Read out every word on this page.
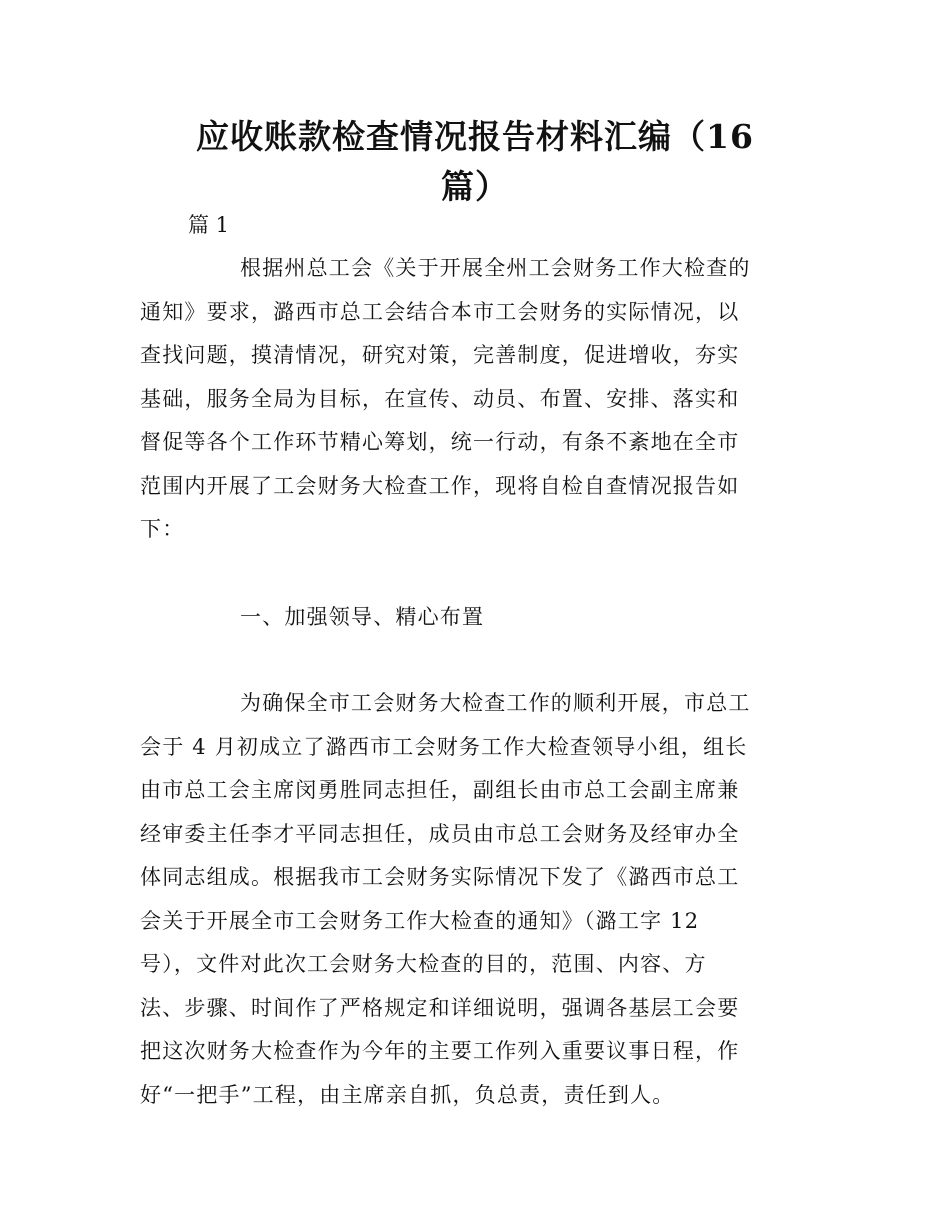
应收账款检查情况报告材料汇编（16
篇）
篇 1
根据州总工会《关于开展全州工会财务工作大检查的
通知》要求，潞西市总工会结合本市工会财务的实际情况，以
查找问题，摸清情况，研究对策，完善制度，促进增收，夯实
基础，服务全局为目标，在宣传、动员、布置、安排、落实和
督促等各个工作环节精心筹划，统一行动，有条不紊地在全市
范围内开展了工会财务大检查工作，现将自检自查情况报告如
下：
一、加强领导、精心布置
为确保全市工会财务大检查工作的顺利开展，市总工
会于 4 月初成立了潞西市工会财务工作大检查领导小组，组长
由市总工会主席闵勇胜同志担任，副组长由市总工会副主席兼
经审委主任李才平同志担任，成员由市总工会财务及经审办全
体同志组成。根据我市工会财务实际情况下发了《潞西市总工
会关于开展全市工会财务工作大检查的通知》（潞工字 12
号），文件对此次工会财务大检查的目的，范围、内容、方
法、步骤、时间作了严格规定和详细说明，强调各基层工会要
把这次财务大检查作为今年的主要工作列入重要议事日程，作
好“一把手”工程，由主席亲自抓，负总责，责任到人。
